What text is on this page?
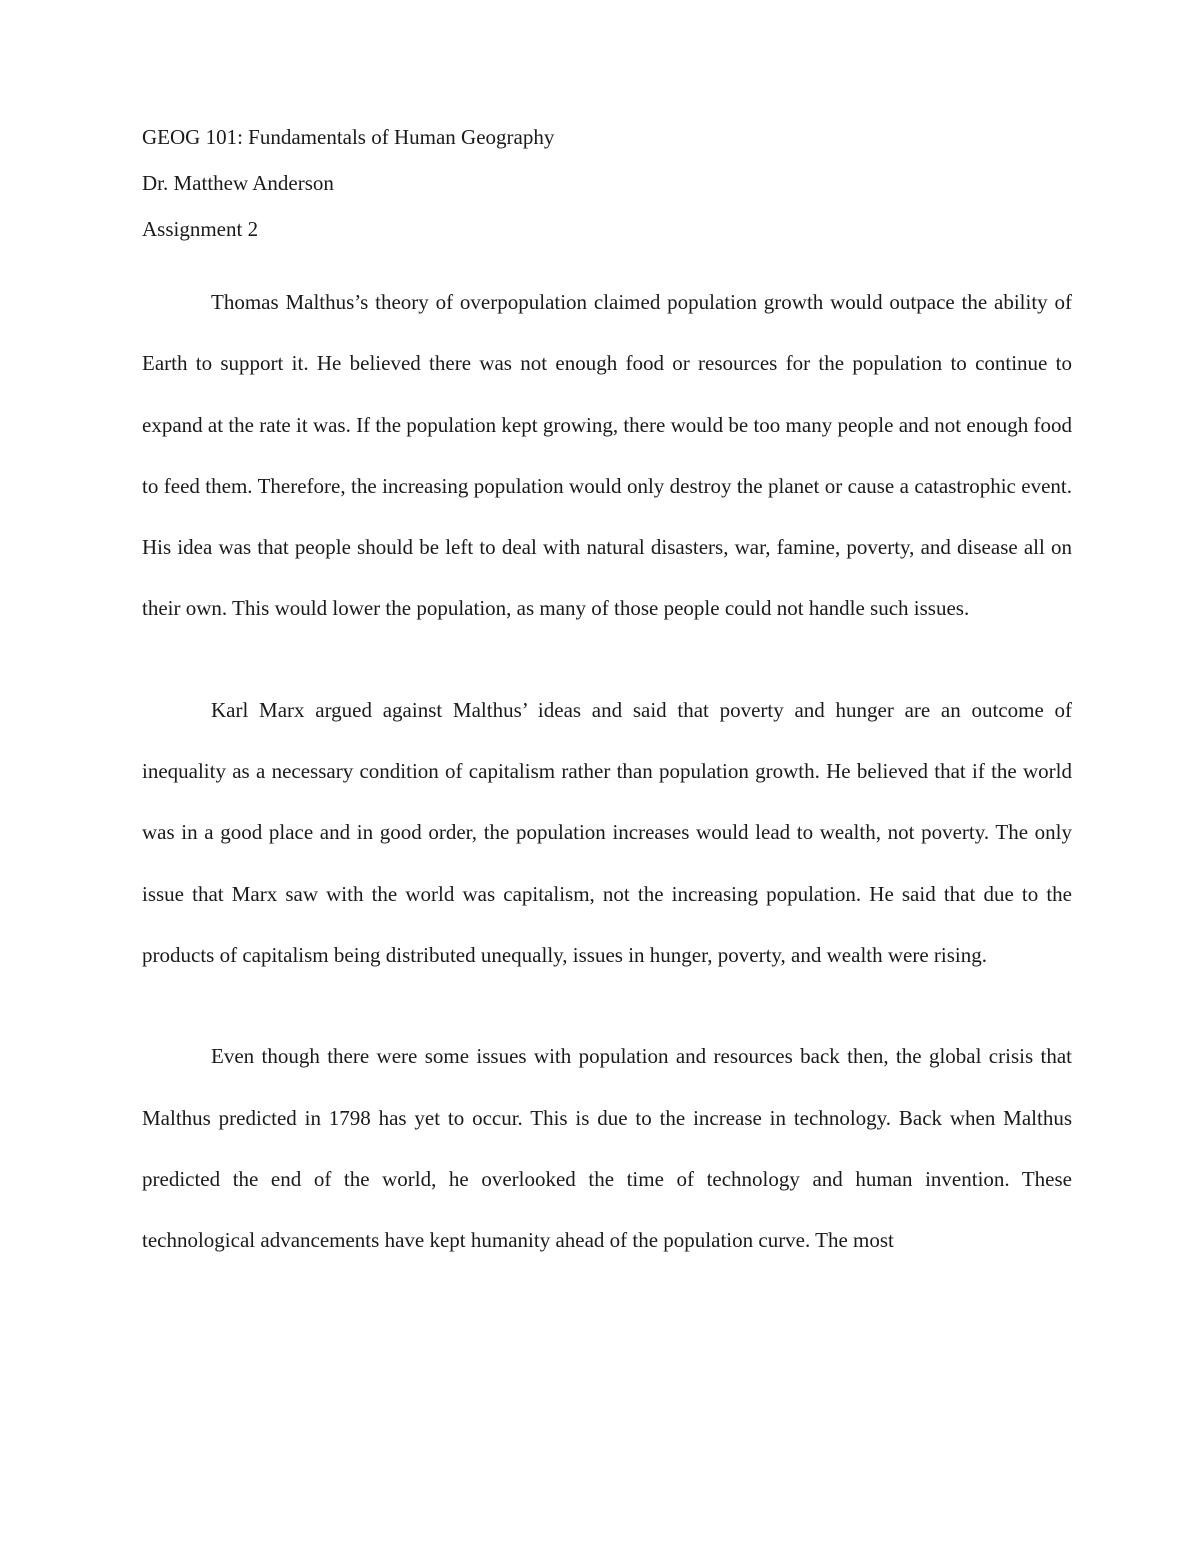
GEOG 101: Fundamentals of Human Geography

Dr. Matthew Anderson

Assignment 2

Thomas Malthus’s theory of overpopulation claimed population growth would outpace the ability of Earth to support it. He believed there was not enough food or resources for the population to continue to expand at the rate it was. If the population kept growing, there would be too many people and not enough food to feed them. Therefore, the increasing population would only destroy the planet or cause a catastrophic event. His idea was that people should be left to deal with natural disasters, war, famine, poverty, and disease all on their own. This would lower the population, as many of those people could not handle such issues.

Karl Marx argued against Malthus’ ideas and said that poverty and hunger are an outcome of inequality as a necessary condition of capitalism rather than population growth. He believed that if the world was in a good place and in good order, the population increases would lead to wealth, not poverty. The only issue that Marx saw with the world was capitalism, not the increasing population. He said that due to the products of capitalism being distributed unequally, issues in hunger, poverty, and wealth were rising.

Even though there were some issues with population and resources back then, the global crisis that Malthus predicted in 1798 has yet to occur. This is due to the increase in technology. Back when Malthus predicted the end of the world, he overlooked the time of technology and human invention. These technological advancements have kept humanity ahead of the population curve. The most
